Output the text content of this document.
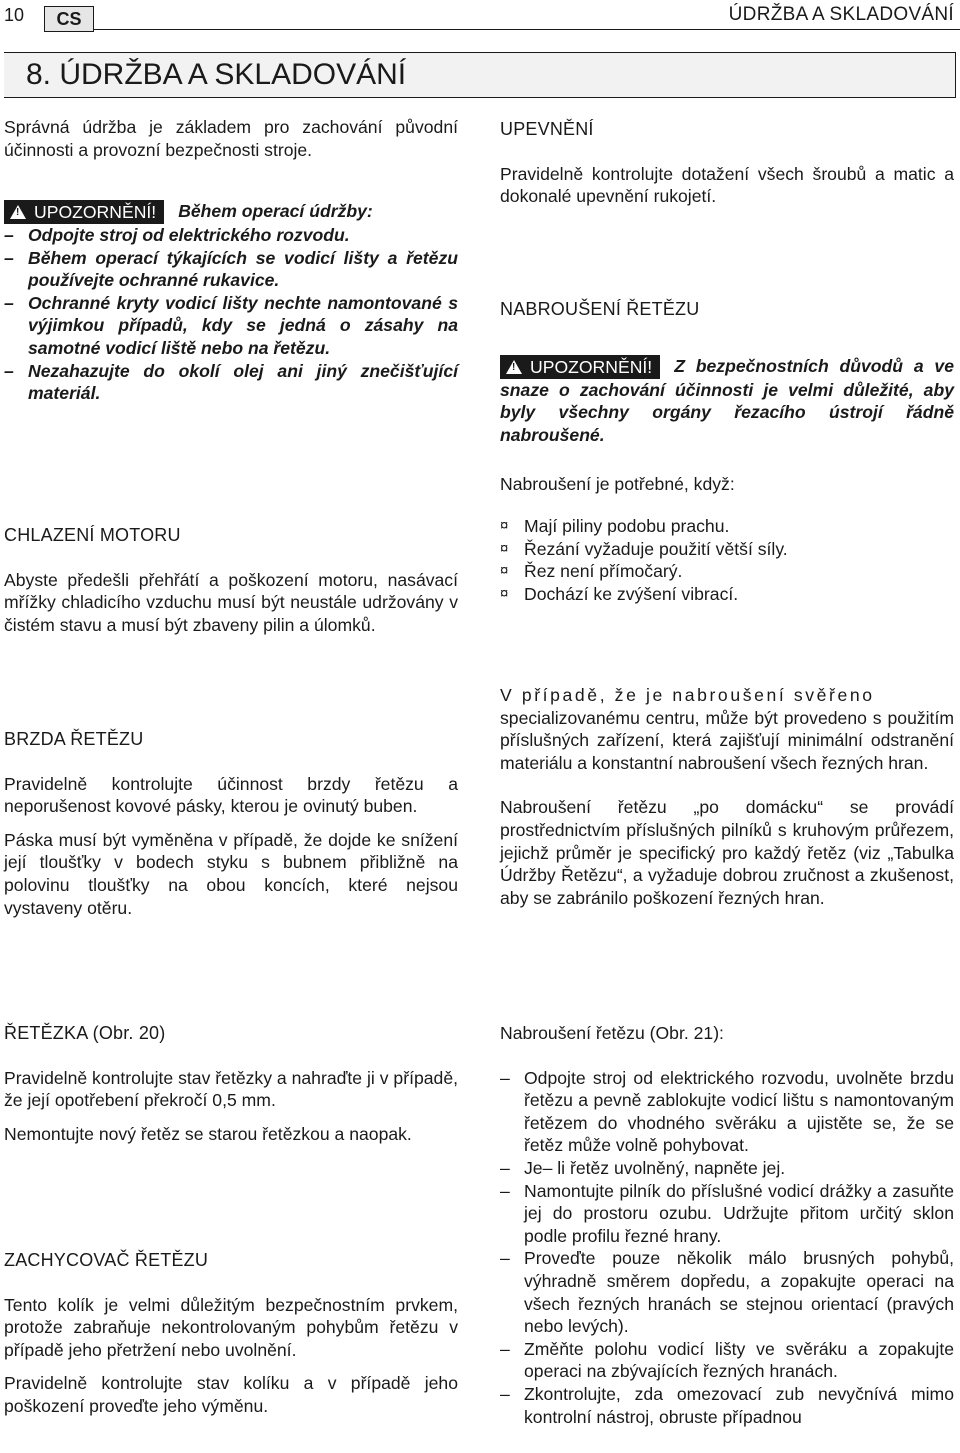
10	CS	ÚDRŽBA A SKLADOVÁNÍ
8. ÚDRŽBA A SKLADOVÁNÍ

Správná údržba je základem pro zachování původní účinnosti a provozní bezpečnosti stroje.

!UPOZORNĚNÍ! Během operací údržby:
– Odpojte stroj od elektrického rozvodu.
– Během operací týkajících se vodicí lišty a řetězu používejte ochranné rukavice.
– Ochranné kryty vodicí lišty nechte namontované s výjimkou případů, kdy se jedná o zásahy na samotné vodicí liště nebo na řetězu.
– Nezahazujte do okolí olej ani jiný znečišťující materiál.
CHLAZENÍ MOTORU

Abyste předešli přehřátí a poškození motoru, nasávací mřížky chladicího vzduchu musí být neustále udržovány v čistém stavu a musí být zbaveny pilin a úlomků.

BRZDA ŘETĚZU

Pravidelně kontrolujte účinnost brzdy řetězu a neporušenost kovové pásky, kterou je ovinutý buben.

Páska musí být vyměněna v případě, že dojde ke snížení její tloušťky v bodech styku s bubnem přibližně na polovinu tloušťky na obou koncích, které nejsou vystaveny otěru.

ŘETĚZKA (Obr. 20)

Pravidelně kontrolujte stav řetězky a nahraďte ji v případě, že její opotřebení překročí 0,5 mm.

Nemontujte nový řetěz se starou řetězkou a naopak.

ZACHYCOVAČ ŘETĚZU

Tento kolík je velmi důležitým bezpečnostním prvkem, protože zabraňuje nekontrolovaným pohybům řetězu v případě jeho přetržení nebo uvolnění.

Pravidelně kontrolujte stav kolíku a v případě jeho poškození proveďte jeho výměnu.

UPEVNĚNÍ

Pravidelně kontrolujte dotažení všech šroubů a matic a dokonalé upevnění rukojetí.

NABROUŠENÍ ŘETĚZU
!UPOZORNĚNÍ! Z bezpečnostních důvodů a ve snaze o zachování účinnosti je velmi důležité, aby byly všechny orgány řezacího ústrojí řádně nabroušené.

Nabroušení je potřebné, když:

¤ Mají piliny podobu prachu.
¤ Řezání vyžaduje použití větší síly.
¤ Řez není přímočarý.
¤ Dochází ke zvýšení vibrací.
V případě, že je nabroušení svěřeno

specializovanému centru, může být provedeno s použitím příslušných zařízení, která zajišťují minimální odstranění materiálu a konstantní nabroušení všech řezných hran.

Nabroušení řetězu „po domácku“ se provádí prostřednictvím příslušných pilníků s kruhovým průřezem, jejichž průměr je specifický pro každý řetěz (viz „Tabulka Údržby Řetězu“, a vyžaduje dobrou zručnost a zkušenost, aby se zabránilo poškození řezných hran.

Nabroušení řetězu (Obr. 21):

– Odpojte stroj od elektrického rozvodu, uvolněte brzdu řetězu a pevně zablokujte vodicí lištu s namontovaným řetězem do vhodného svěráku a ujistěte se, že se řetěz může volně pohybovat.
– Je– li řetěz uvolněný, napněte jej.
– Namontujte pilník do příslušné vodicí drážky a zasuňte jej do prostoru ozubu. Udržujte přitom určitý sklon podle profilu řezné hrany.
– Proveďte pouze několik málo brusných pohybů, výhradně směrem dopředu, a zopakujte operaci na všech řezných hranách se stejnou orientací (pravých nebo levých).
– Změňte polohu vodicí lišty ve svěráku a zopakujte operaci na zbývajících řezných hranách.
– Zkontrolujte, zda omezovací zub nevyčnívá mimo kontrolní nástroj, obruste případnou
